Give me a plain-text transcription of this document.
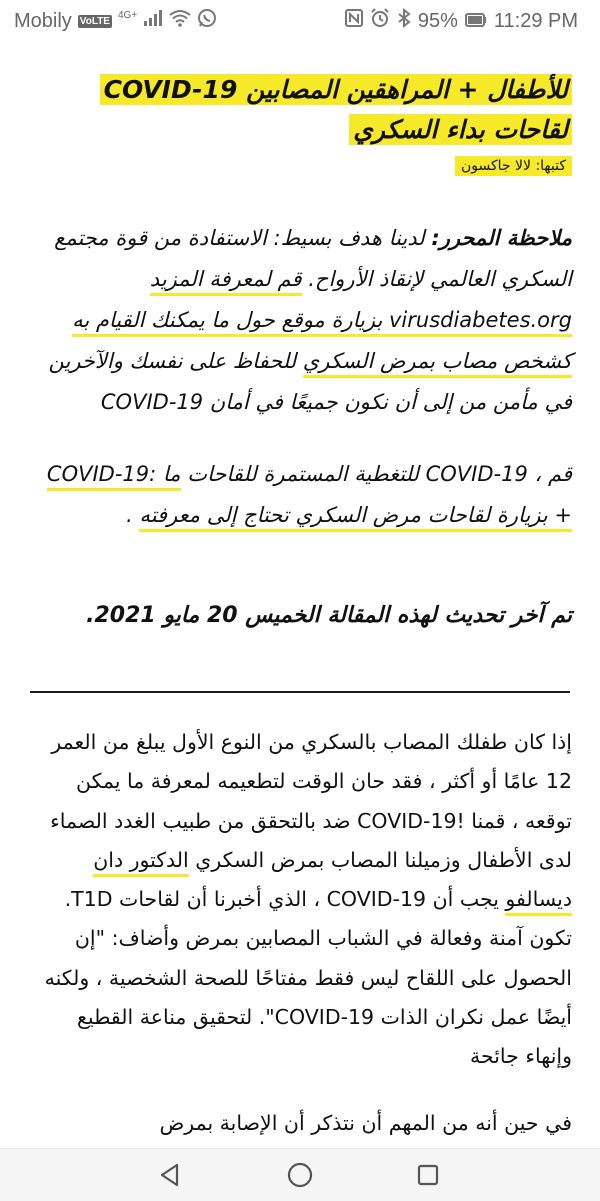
Mobily VoLTE
4G+	95% 11:29 PM
للأطفال + المراهقين المصابين COVID-19 لقاحات بداء السكري
كتبها: لالا جاكسون
ملاحظة المحرر: لدينا هدف بسيط: الاستفادة من قوة مجتمع السكري العالمي لإنقاذ الأرواح. قم لمعرفة المزيد virusdiabetes.org بزيارة موقع حول ما يمكنك القيام به كشخص مصاب بمرض السكري للحفاظ على نفسك والآخرين في مأمن من إلى أن نكون جميعًا في أمان COVID-19
قم ، COVID-19 للتغطية المستمرة للقاحات ما :COVID-19 + بزيارة لقاحات مرض السكري تحتاج إلى معرفته .
تم آخر تحديث لهذه المقالة الخميس 20 مايو 2021.
إذا كان طفلك المصاب بالسكري من النوع الأول يبلغ من العمر 12 عامًا أو أكثر ، فقد حان الوقت لتطعيمه لمعرفة ما يمكن توقعه ، قمنا !COVID-19 ضد بالتحقق من طبيب الغدد الصماء لدى الأطفال وزميلنا المصاب بمرض السكري الدكتور دان ديسالفو يجب أن COVID-19 ، الذي أخبرنا أن لقاحات T1D. تكون آمنة وفعالة في الشباب المصابين بمرض وأضاف: "إن الحصول على اللقاح ليس فقط مفتاحًا للصحة الشخصية ، ولكنه أيضًا عمل نكران الذات COVID-19". لتحقيق مناعة القطيع وإنهاء جائحة
في حين أنه من المهم أن نتذكر أن الإصابة بمرض
